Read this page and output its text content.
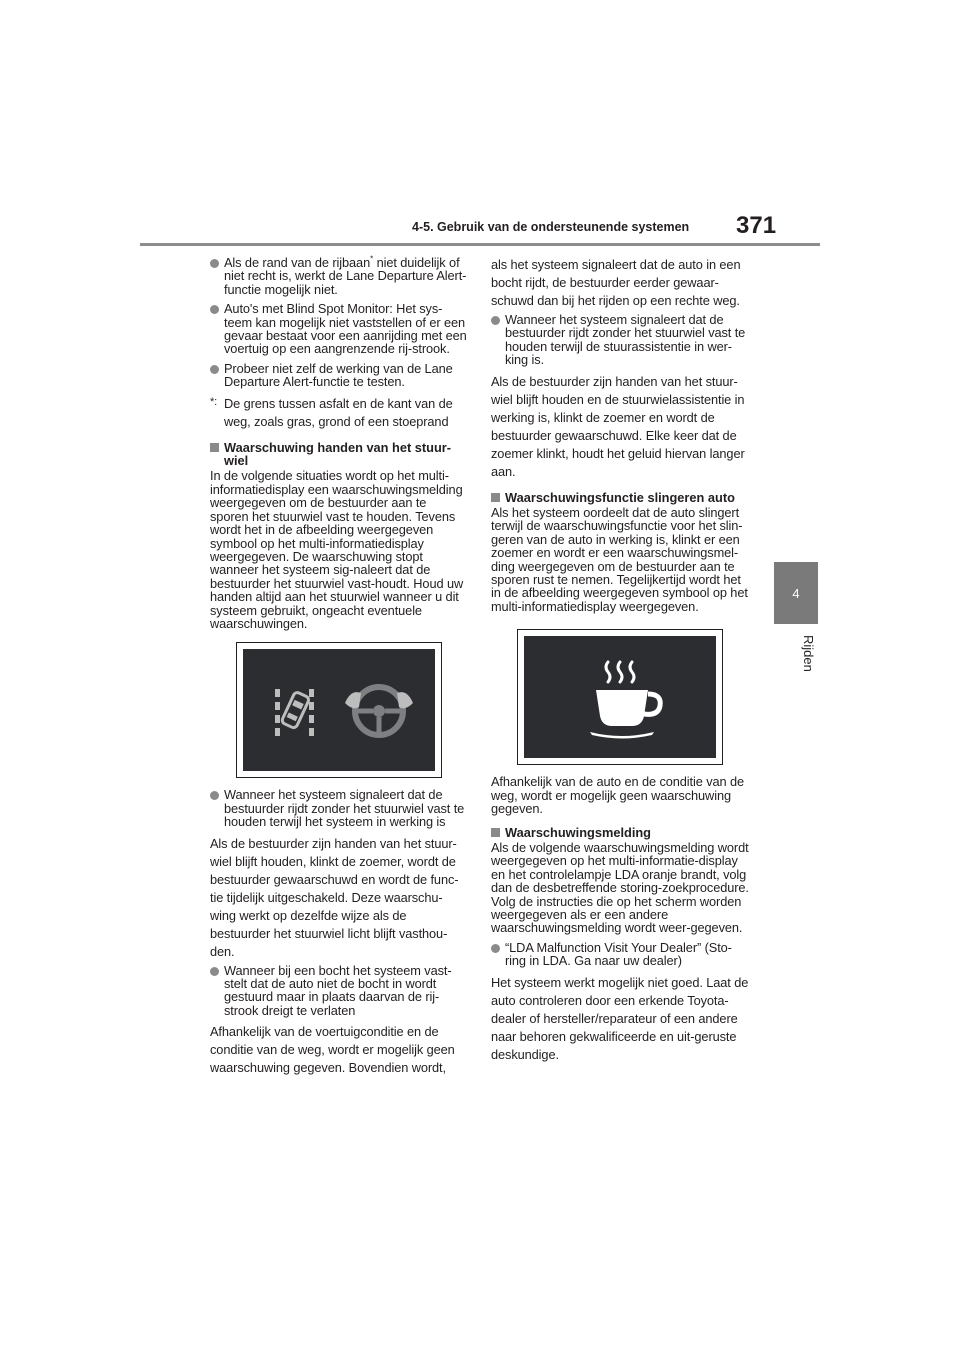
4-5. Gebruik van de ondersteunende systemen 371
4
Rijden

Als de rand van de rijbaan* niet duidelijk of niet recht is, werkt de Lane Departure Alert-functie mogelijk niet.

Auto's met Blind Spot Monitor: Het sys-teem kan mogelijk niet vaststellen of er een gevaar bestaat voor een aanrijding met een voertuig op een aangrenzende rij-strook.

Probeer niet zelf de werking van de Lane Departure Alert-functie te testen.

*: De grens tussen asfalt en de kant van de weg, zoals gras, grond of een stoeprand

Waarschuwing handen van het stuur-wiel

In de volgende situaties wordt op het multi-informatiedisplay een waarschuwingsmelding weergegeven om de bestuurder aan te sporen het stuurwiel vast te houden. Tevens wordt het in de afbeelding weergegeven symbool op het multi-informatiedisplay weergegeven. De waarschuwing stopt wanneer het systeem sig-naleert dat de bestuurder het stuurwiel vast-houdt. Houd uw handen altijd aan het stuurwiel wanneer u dit systeem gebruikt, ongeacht eventuele waarschuwingen.

Wanneer het systeem signaleert dat de bestuurder rijdt zonder het stuurwiel vast te houden terwijl het systeem in werking is

Als de bestuurder zijn handen van het stuur-wiel blijft houden, klinkt de zoemer, wordt de bestuurder gewaarschuwd en wordt de func-tie tijdelijk uitgeschakeld. Deze waarschu-wing werkt op dezelfde wijze als de bestuurder het stuurwiel licht blijft vasthou-den.

Wanneer bij een bocht het systeem vast-stelt dat de auto niet de bocht in wordt gestuurd maar in plaats daarvan de rij-strook dreigt te verlaten

Afhankelijk van de voertuigconditie en de conditie van de weg, wordt er mogelijk geen waarschuwing gegeven. Bovendien wordt,

als het systeem signaleert dat de auto in een bocht rijdt, de bestuurder eerder gewaar-schuwd dan bij het rijden op een rechte weg.

Wanneer het systeem signaleert dat de bestuurder rijdt zonder het stuurwiel vast te houden terwijl de stuurassistentie in wer-king is.

Als de bestuurder zijn handen van het stuur-wiel blijft houden en de stuurwielassistentie in werking is, klinkt de zoemer en wordt de bestuurder gewaarschuwd. Elke keer dat de zoemer klinkt, houdt het geluid hiervan langer aan.

Waarschuwingsfunctie slingeren auto

Als het systeem oordeelt dat de auto slingert terwijl de waarschuwingsfunctie voor het slin-geren van de auto in werking is, klinkt er een zoemer en wordt er een waarschuwingsmel-ding weergegeven om de bestuurder aan te sporen rust te nemen. Tegelijkertijd wordt het in de afbeelding weergegeven symbool op het multi-informatiedisplay weergegeven.

Afhankelijk van de auto en de conditie van de weg, wordt er mogelijk geen waarschuwing gegeven.

Waarschuwingsmelding

Als de volgende waarschuwingsmelding wordt weergegeven op het multi-informatie-display en het controlelampje LDA oranje brandt, volg dan de desbetreffende storing-zoekprocedure. Volg de instructies die op het scherm worden weergegeven als er een andere waarschuwingsmelding wordt weer-gegeven.

“LDA Malfunction Visit Your Dealer” (Sto-ring in LDA. Ga naar uw dealer)

Het systeem werkt mogelijk niet goed. Laat de auto controleren door een erkende Toyota-dealer of hersteller/reparateur of een andere naar behoren gekwalificeerde en uit-geruste deskundige.
